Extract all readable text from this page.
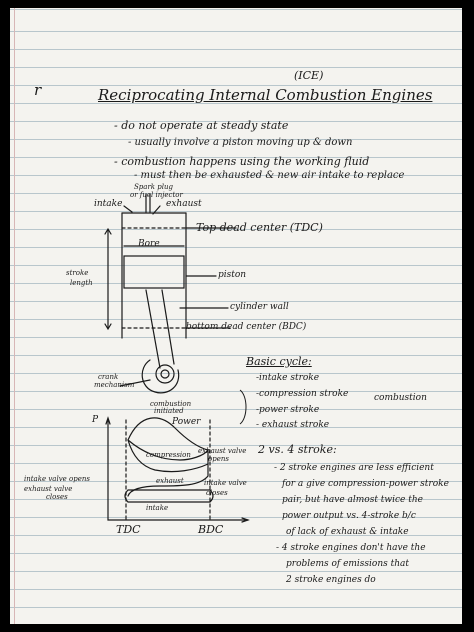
r
(ICE)
Reciprocating Internal Combustion Engines
- do not operate at steady state
- usually involve a piston moving up & down
- combustion happens using the working fluid
- must then be exhausted & new air intake to replace
Spark plug
or fuel injector
intake	exhaust
Top dead center (TDC)
Bore
stroke
length
piston
cylinder wall
bottom dead center (BDC)
crank
mechanism
Basic cycle:
-intake stroke
-compression stroke
-power stroke
- exhaust stroke
combustion
P
combustion
initiated
Power
compression exhaust valve
opens
exhaust
intake
intake valve opens
exhaust valve
closes
intake valve
closes
TDC	BDC
2 vs. 4 stroke:
- 2 stroke engines are less efficient
for a give compression-power stroke
pair, but have almost twice the
power output vs. 4-stroke b/c
of lack of exhaust & intake
- 4 stroke engines don't have the
problems of emissions that
2 stroke engines do
